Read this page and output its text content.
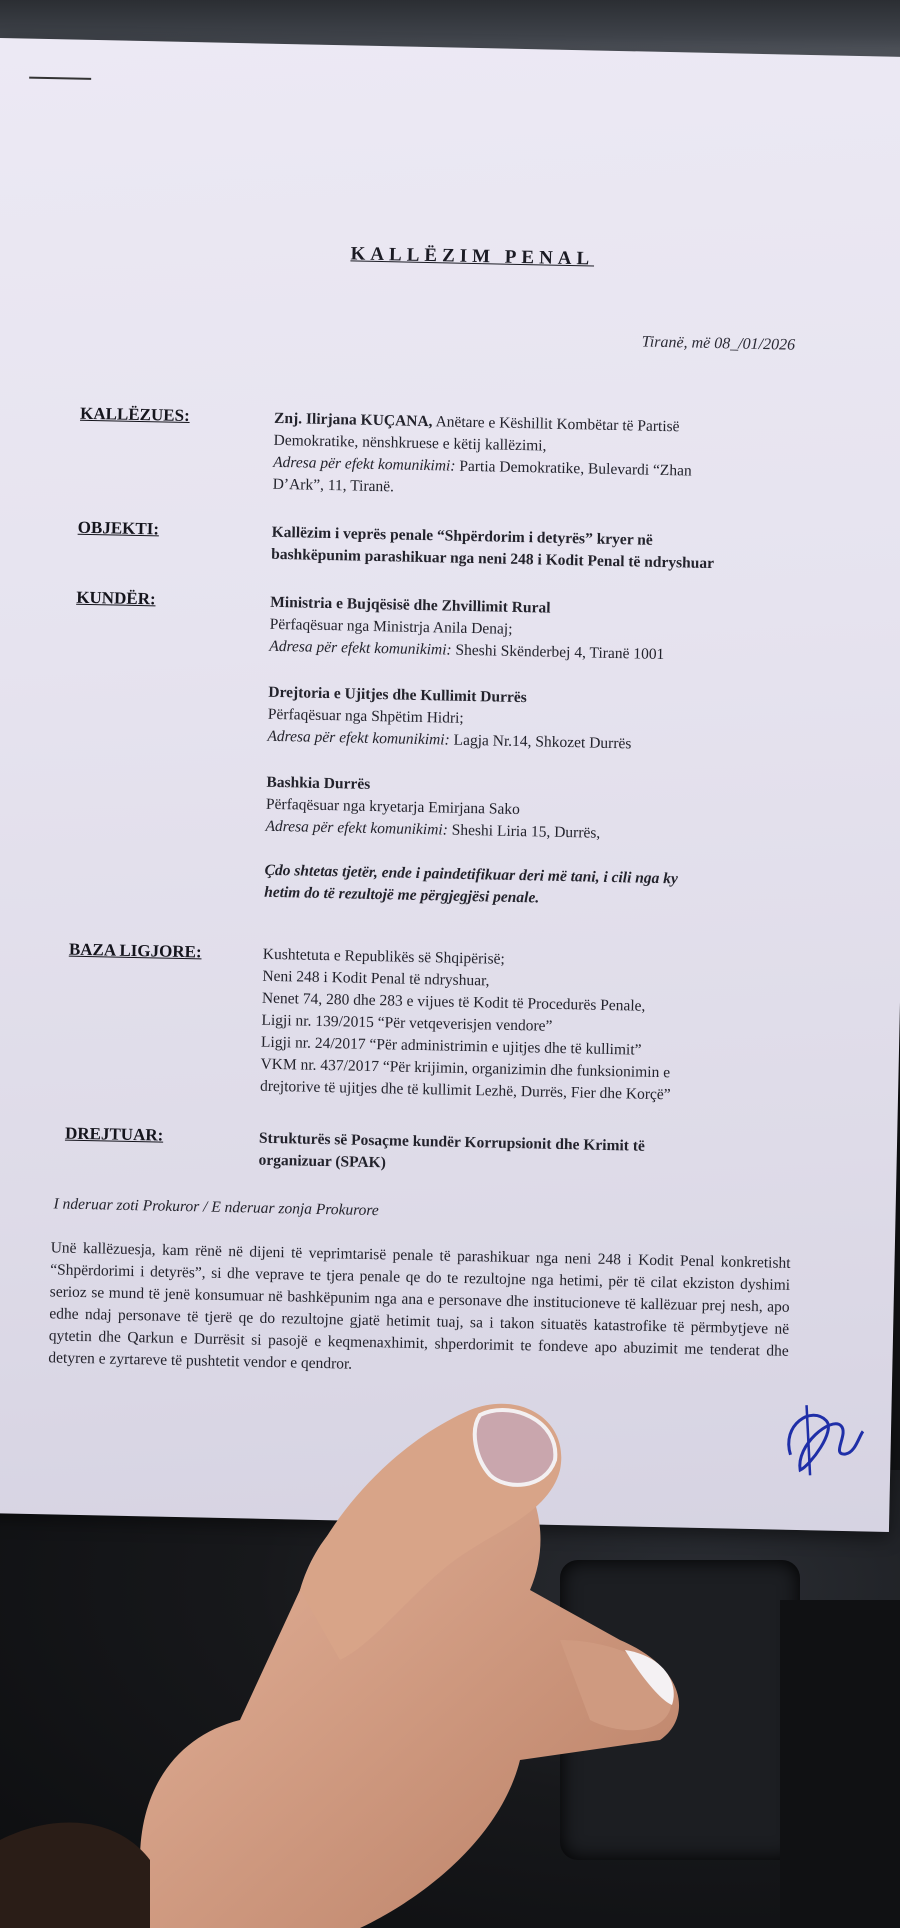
KALLËZIM PENAL
Tiranë, më 08_/01/2026
KALLËZUES:	Znj. Ilirjana KUÇANA, Anëtare e Këshillit Kombëtar të Partisë

Demokratike, nënshkruese e këtij kallëzimi,

Adresa për efekt komunikimi: Partia Demokratike, Bulevardi “Zhan

D’Ark”, 11, Tiranë.

OBJEKTI:	Kallëzim i veprës penale “Shpërdorim i detyrës” kryer në

bashkëpunim parashikuar nga neni 248 i Kodit Penal të ndryshuar

KUNDËR:	Ministria e Bujqësisë dhe Zhvillimit Rural

Përfaqësuar nga Ministrja Anila Denaj;

Adresa për efekt komunikimi: Sheshi Skënderbej 4, Tiranë 1001

Drejtoria e Ujitjes dhe Kullimit Durrës

Përfaqësuar nga Shpëtim Hidri;

Adresa për efekt komunikimi: Lagja Nr.14, Shkozet Durrës

Bashkia Durrës

Përfaqësuar nga kryetarja Emirjana Sako

Adresa për efekt komunikimi: Sheshi Liria 15, Durrës,

Çdo shtetas tjetër, ende i paindetifikuar deri më tani, i cili nga ky

hetim do të rezultojë me përgjegjësi penale.

BAZA LIGJORE:	Kushtetuta e Republikës së Shqipërisë;

Neni 248 i Kodit Penal të ndryshuar,

Nenet 74, 280 dhe 283 e vijues të Kodit të Procedurës Penale,

Ligji nr. 139/2015 “Për vetqeverisjen vendore”

Ligji nr. 24/2017 “Për administrimin e ujitjes dhe të kullimit”

VKM nr. 437/2017 “Për krijimin, organizimin dhe funksionimin e

drejtorive të ujitjes dhe të kullimit Lezhë, Durrës, Fier dhe Korçë”

DREJTUAR:	Strukturës së Posaçme kundër Korrupsionit dhe Krimit të

organizuar (SPAK)

I nderuar zoti Prokuror / E nderuar zonja Prokurore
Unë kallëzuesja, kam rënë në dijeni të veprimtarisë penale të parashikuar nga neni 248 i Kodit Penal konkretisht “Shpërdorimi i detyrës”, si dhe veprave te tjera penale qe do te rezultojne nga hetimi, për të cilat ekziston dyshimi serioz se mund të jenë konsumuar në bashkëpunim nga ana e personave dhe institucioneve të kallëzuar prej nesh, apo edhe ndaj personave të tjerë qe do rezultojne gjatë hetimit tuaj, sa i takon situatës katastrofike të përmbytjeve në qytetin dhe Qarkun e Durrësit si pasojë e keqmenaxhimit, shperdorimit te fondeve apo abuzimit me tenderat dhe detyren e zyrtareve të pushtetit vendor e qendror.
